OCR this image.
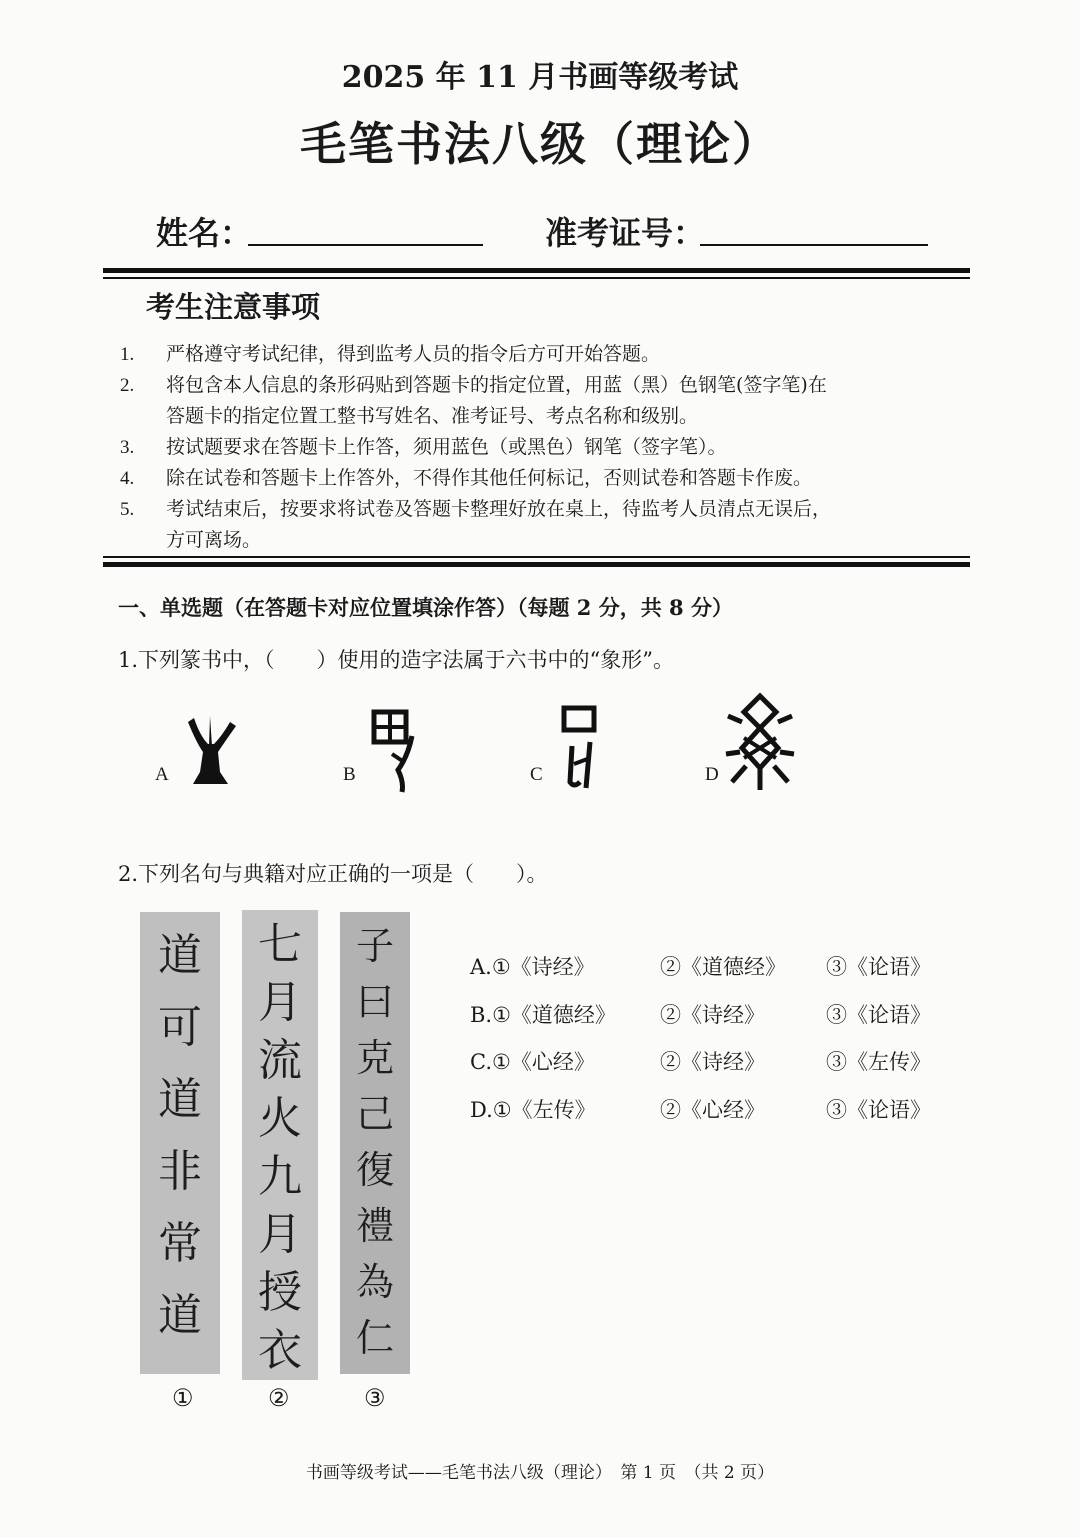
2025 年 11 月书画等级考试
毛笔书法八级（理论）
姓名：	准考证号：
考生注意事项
1.	严格遵守考试纪律，得到监考人员的指令后方可开始答题。
2.	将包含本人信息的条形码贴到答题卡的指定位置，用蓝（黑）色钢笔(签字笔)在
答题卡的指定位置工整书写姓名、准考证号、考点名称和级别。
3.	按试题要求在答题卡上作答，须用蓝色（或黑色）钢笔（签字笔）。
4.	除在试卷和答题卡上作答外，不得作其他任何标记，否则试卷和答题卡作废。
5.	考试结束后，按要求将试卷及答题卡整理好放在桌上，待监考人员清点无误后，
方可离场。
一、单选题（在答题卡对应位置填涂作答）（每题 2 分，共 8 分）
1.下列篆书中，（　　）使用的造字法属于六书中的“象形”。
A	B	C	D
2.下列名句与典籍对应正确的一项是（　　）。
道
可
道
非
常
道
七
月
流
火
九
月
授
衣
子
曰
克
己
復
禮
為
仁
①	②	③
A.①《诗经》	②《道德经》 ③《论语》
B.①《道德经》 ②《诗经》	③《论语》
C.①《心经》	②《诗经》	③《左传》
D.①《左传》	②《心经》	③《论语》
书画等级考试——毛笔书法八级（理论）　第 1 页　（共 2 页）
